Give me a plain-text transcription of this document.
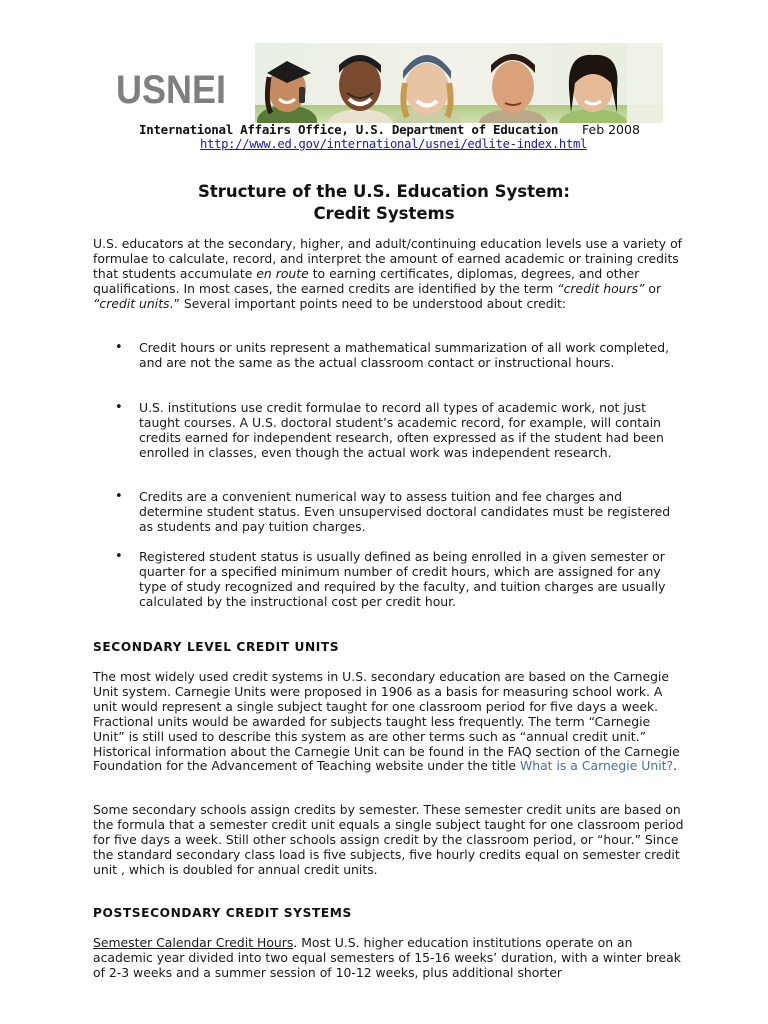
USNEI
International Affairs Office, U.S. Department of Education Feb 2008
http://www.ed.gov/international/usnei/edlite-index.html
Structure of the U.S. Education System:
Credit Systems
U.S. educators at the secondary, higher, and adult/continuing education levels use a variety of formulae to calculate, record, and interpret the amount of earned academic or training credits that students accumulate en route to earning certificates, diplomas, degrees, and other qualifications. In most cases, the earned credits are identified by the term “credit hours” or “credit units.” Several important points need to be understood about credit:
• Credit hours or units represent a mathematical summarization of all work completed, and are not the same as the actual classroom contact or instructional hours.
• U.S. institutions use credit formulae to record all types of academic work, not just taught courses. A U.S. doctoral student’s academic record, for example, will contain credits earned for independent research, often expressed as if the student had been enrolled in classes, even though the actual work was independent research.
• Credits are a convenient numerical way to assess tuition and fee charges and determine student status. Even unsupervised doctoral candidates must be registered as students and pay tuition charges.
• Registered student status is usually defined as being enrolled in a given semester or quarter for a specified minimum number of credit hours, which are assigned for any type of study recognized and required by the faculty, and tuition charges are usually calculated by the instructional cost per credit hour.
SECONDARY LEVEL CREDIT UNITS
The most widely used credit systems in U.S. secondary education are based on the Carnegie Unit system. Carnegie Units were proposed in 1906 as a basis for measuring school work. A unit would represent a single subject taught for one classroom period for five days a week. Fractional units would be awarded for subjects taught less frequently. The term “Carnegie Unit” is still used to describe this system as are other terms such as “annual credit unit.” Historical information about the Carnegie Unit can be found in the FAQ section of the Carnegie Foundation for the Advancement of Teaching website under the title What is a Carnegie Unit?.
Some secondary schools assign credits by semester. These semester credit units are based on the formula that a semester credit unit equals a single subject taught for one classroom period for five days a week. Still other schools assign credit by the classroom period, or “hour.” Since the standard secondary class load is five subjects, five hourly credits equal on semester credit unit , which is doubled for annual credit units.
POSTSECONDARY CREDIT SYSTEMS
Semester Calendar Credit Hours. Most U.S. higher education institutions operate on an academic year divided into two equal semesters of 15-16 weeks’ duration, with a winter break of 2-3 weeks and a summer session of 10-12 weeks, plus additional shorter
